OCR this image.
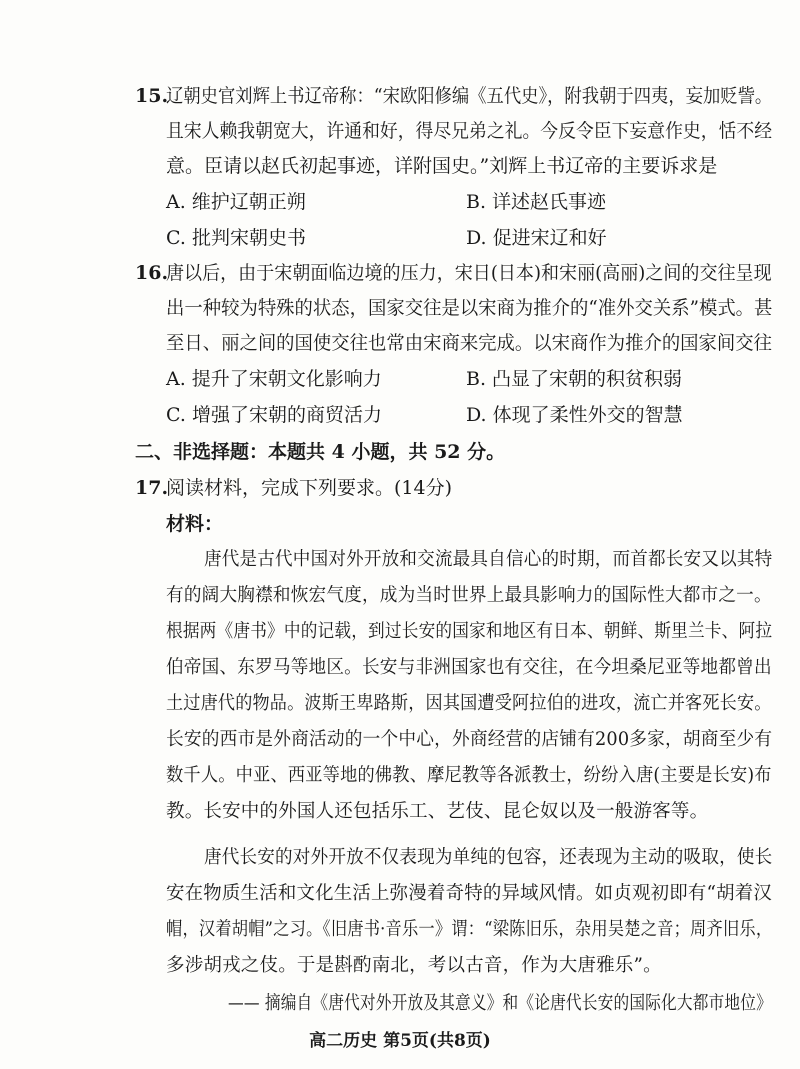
15.
辽朝史官刘辉上书辽帝称：“宋欧阳修编《五代史》，附我朝于四夷，妄加贬訾。
且宋人赖我朝宽大，许通和好，得尽兄弟之礼。今反令臣下妄意作史，恬不经
意。臣请以赵氏初起事迹，详附国史。”刘辉上书辽帝的主要诉求是
A. 维护辽朝正朔	B. 详述赵氏事迹
C. 批判宋朝史书	D. 促进宋辽和好
16.
唐以后，由于宋朝面临边境的压力，宋日(日本)和宋丽(高丽)之间的交往呈现
出一种较为特殊的状态，国家交往是以宋商为推介的“准外交关系”模式。甚
至日、丽之间的国使交往也常由宋商来完成。以宋商作为推介的国家间交往
A. 提升了宋朝文化影响力	B. 凸显了宋朝的积贫积弱
C. 增强了宋朝的商贸活力	D. 体现了柔性外交的智慧
二、非选择题：本题共 4 小题，共 52 分。
17.
阅读材料，完成下列要求。(14分)
材料：
唐代是古代中国对外开放和交流最具自信心的时期，而首都长安又以其特
有的阔大胸襟和恢宏气度，成为当时世界上最具影响力的国际性大都市之一。
根据两《唐书》中的记载，到过长安的国家和地区有日本、朝鲜、斯里兰卡、阿拉
伯帝国、东罗马等地区。长安与非洲国家也有交往，在今坦桑尼亚等地都曾出
土过唐代的物品。波斯王卑路斯，因其国遭受阿拉伯的进攻，流亡并客死长安。
长安的西市是外商活动的一个中心，外商经营的店铺有200多家，胡商至少有
数千人。中亚、西亚等地的佛教、摩尼教等各派教士，纷纷入唐(主要是长安)布
教。长安中的外国人还包括乐工、艺伎、昆仑奴以及一般游客等。
唐代长安的对外开放不仅表现为单纯的包容，还表现为主动的吸取，使长
安在物质生活和文化生活上弥漫着奇特的异域风情。如贞观初即有“胡着汉
帽，汉着胡帽”之习。《旧唐书·音乐一》谓：“梁陈旧乐，杂用吴楚之音；周齐旧乐，
多涉胡戎之伎。于是斟酌南北，考以古音，作为大唐雅乐”。
—— 摘编自《唐代对外开放及其意义》和《论唐代长安的国际化大都市地位》
高二历史 第5页(共8页)
